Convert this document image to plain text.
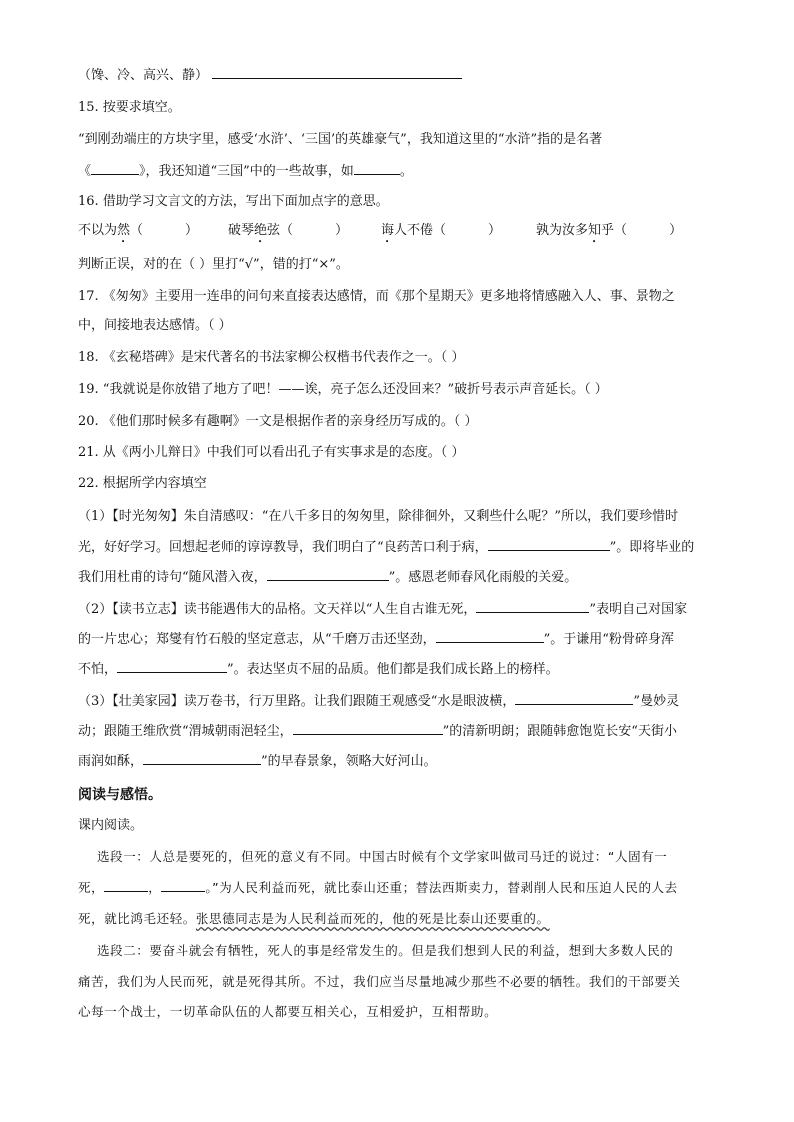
（馋、冷、高兴、静）
15. 按要求填空。
“到刚劲端庄的方块字里，感受‘水浒’、‘三国’的英雄豪气”，我知道这里的“水浒”指的是名著
《	》，我还知道“三国”中的一些故事，如	。
16. 借助学习文言文的方法，写出下面加点字的意思。
不以为然（	） 破琴绝弦（	）	诲人不倦（	）	孰为汝多知乎（	）
判断正误，对的在（ ）里打“√”，错的打“×”。
17. 《匆匆》主要用一连串的问句来直接表达感情，而《那个星期天》更多地将情感融入人、事、景物之
中，间接地表达感情。（ ）
18. 《玄秘塔碑》是宋代著名的书法家柳公权楷书代表作之一。（ ）
19. “我就说是你放错了地方了吧！——诶，亮子怎么还没回来？”破折号表示声音延长。（ ）
20. 《他们那时候多有趣啊》一文是根据作者的亲身经历写成的。（ ）
21. 从《两小儿辩日》中我们可以看出孔子有实事求是的态度。（ ）
22. 根据所学内容填空
（1）【时光匆匆】朱自清感叹：“在八千多日的匆匆里，除徘徊外，又剩些什么呢？”所以，我们要珍惜时
光，好好学习。回想起老师的谆谆教导，我们明白了“良药苦口利于病，	”。即将毕业的
我们用杜甫的诗句“随风潜入夜，	”。感恩老师春风化雨般的关爱。
（2）【读书立志】读书能遇伟大的品格。文天祥以“人生自古谁无死，	”表明自己对国家
的一片忠心；郑燮有竹石般的坚定意志，从“千磨万击还坚劲，	”。于谦用“粉骨碎身浑
不怕，	”。表达坚贞不屈的品质。他们都是我们成长路上的榜样。
（3）【壮美家园】读万卷书，行万里路。让我们跟随王观感受“水是眼波横，	”曼妙灵
动；跟随王维欣赏“渭城朝雨浥轻尘，	”的清新明朗；跟随韩愈饱览长安“天街小
雨润如酥，	”的早春景象，领略大好河山。
阅读与感悟。
课内阅读。
选段一：人总是要死的，但死的意义有不同。中国古时候有个文学家叫做司马迁的说过：“人固有一
死，	，	。”为人民利益而死，就比泰山还重；替法西斯卖力，替剥削人民和压迫人民的人去
死，就比鸿毛还轻。张思德同志是为人民利益而死的，他的死是比泰山还要重的。
选段二：要奋斗就会有牺牲，死人的事是经常发生的。但是我们想到人民的利益，想到大多数人民的
痛苦，我们为人民而死，就是死得其所。不过，我们应当尽量地减少那些不必要的牺牲。我们的干部要关
心每一个战士，一切革命队伍的人都要互相关心，互相爱护，互相帮助。
